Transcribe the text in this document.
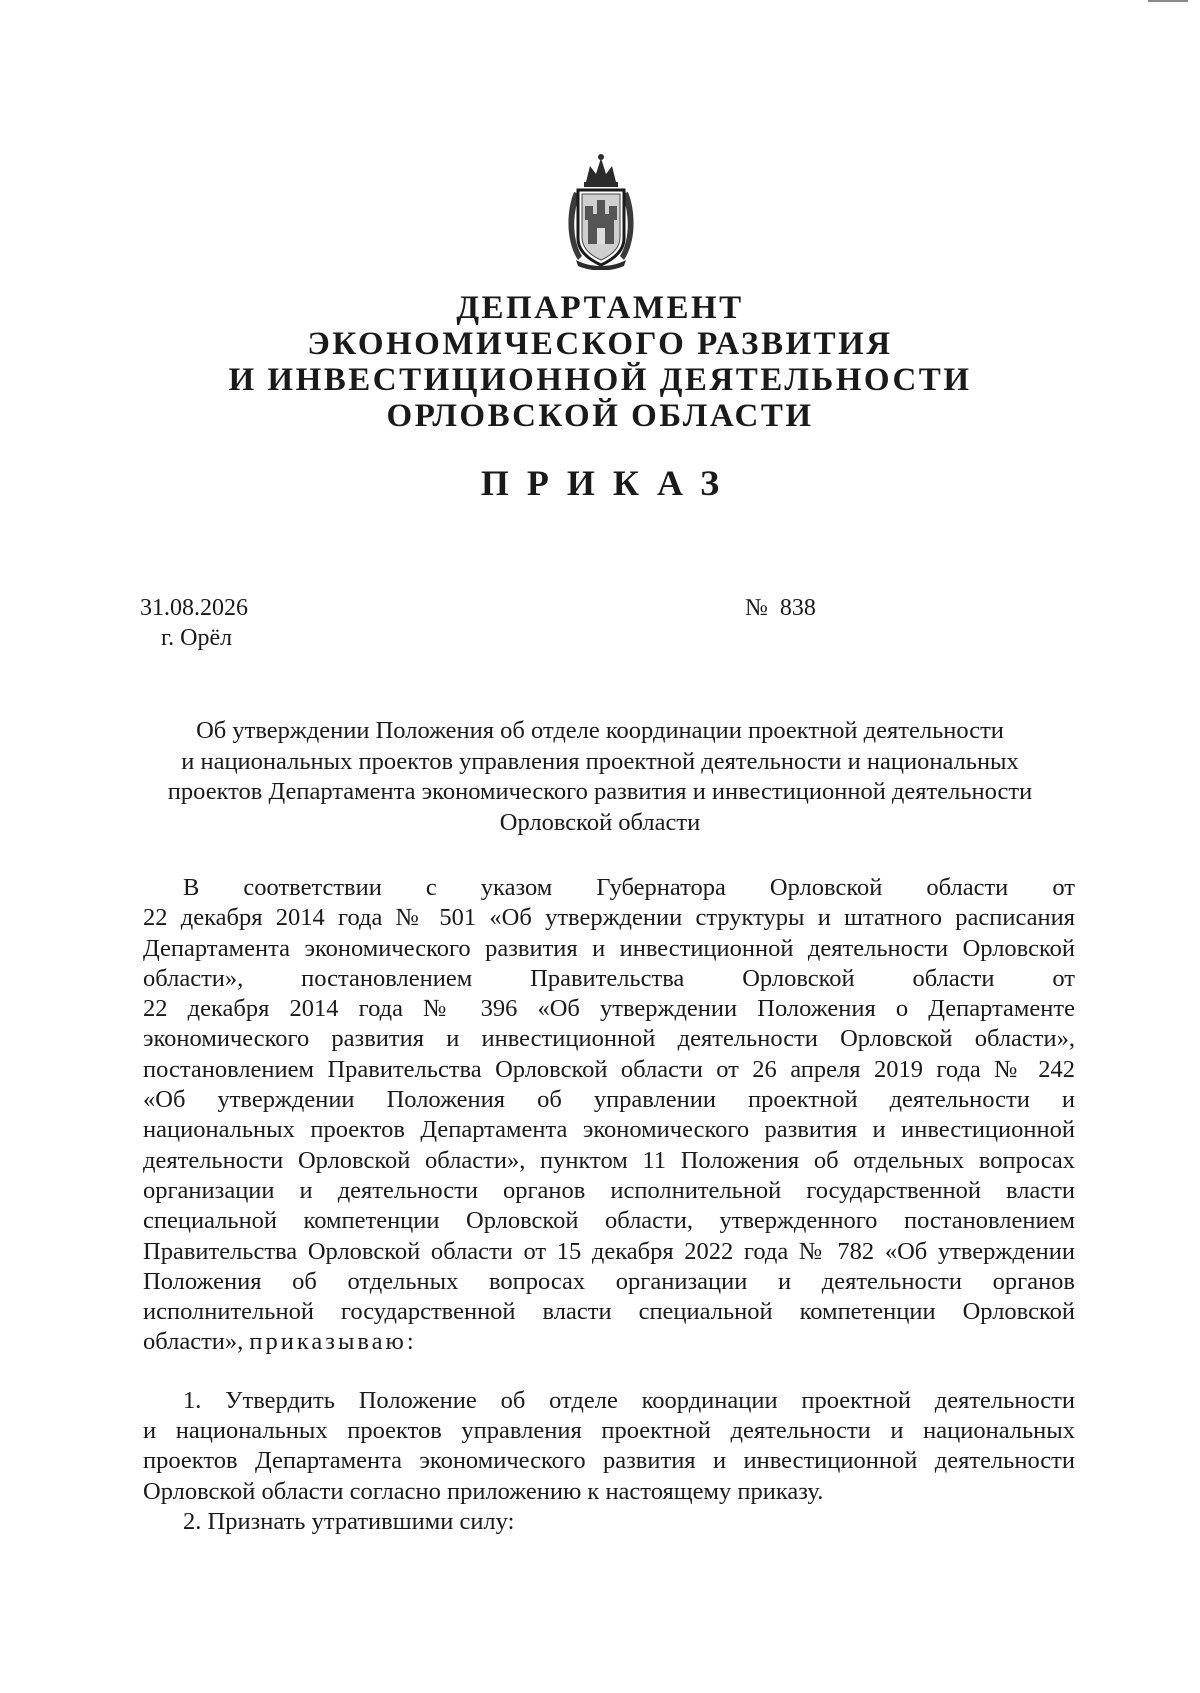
ДЕПАРТАМЕНТ
ЭКОНОМИЧЕСКОГО РАЗВИТИЯ
И ИНВЕСТИЦИОННОЙ ДЕЯТЕЛЬНОСТИ
ОРЛОВСКОЙ ОБЛАСТИ
ПРИКАЗ
31.08.2026
г. Орёл
№ 838
Об утверждении Положения об отделе координации проектной деятельности
и национальных проектов управления проектной деятельности и национальных
проектов Департамента экономического развития и инвестиционной деятельности
Орловской области
В соответствии с указом Губернатора Орловской области от
22 декабря 2014 года № 501 «Об утверждении структуры и штатного расписания
Департамента экономического развития и инвестиционной деятельности Орловской
области», постановлением Правительства Орловской области от
22 декабря 2014 года № 396 «Об утверждении Положения о Департаменте
экономического развития и инвестиционной деятельности Орловской области»,
постановлением Правительства Орловской области от 26 апреля 2019 года № 242
«Об утверждении Положения об управлении проектной деятельности и
национальных проектов Департамента экономического развития и инвестиционной
деятельности Орловской области», пунктом 11 Положения об отдельных вопросах
организации и деятельности органов исполнительной государственной власти
специальной компетенции Орловской области, утвержденного постановлением
Правительства Орловской области от 15 декабря 2022 года № 782 «Об утверждении
Положения об отдельных вопросах организации и деятельности органов
исполнительной государственной власти специальной компетенции Орловской
области», приказываю:
1. Утвердить Положение об отделе координации проектной деятельности
и национальных проектов управления проектной деятельности и национальных
проектов Департамента экономического развития и инвестиционной деятельности
Орловской области согласно приложению к настоящему приказу.
2. Признать утратившими силу:
